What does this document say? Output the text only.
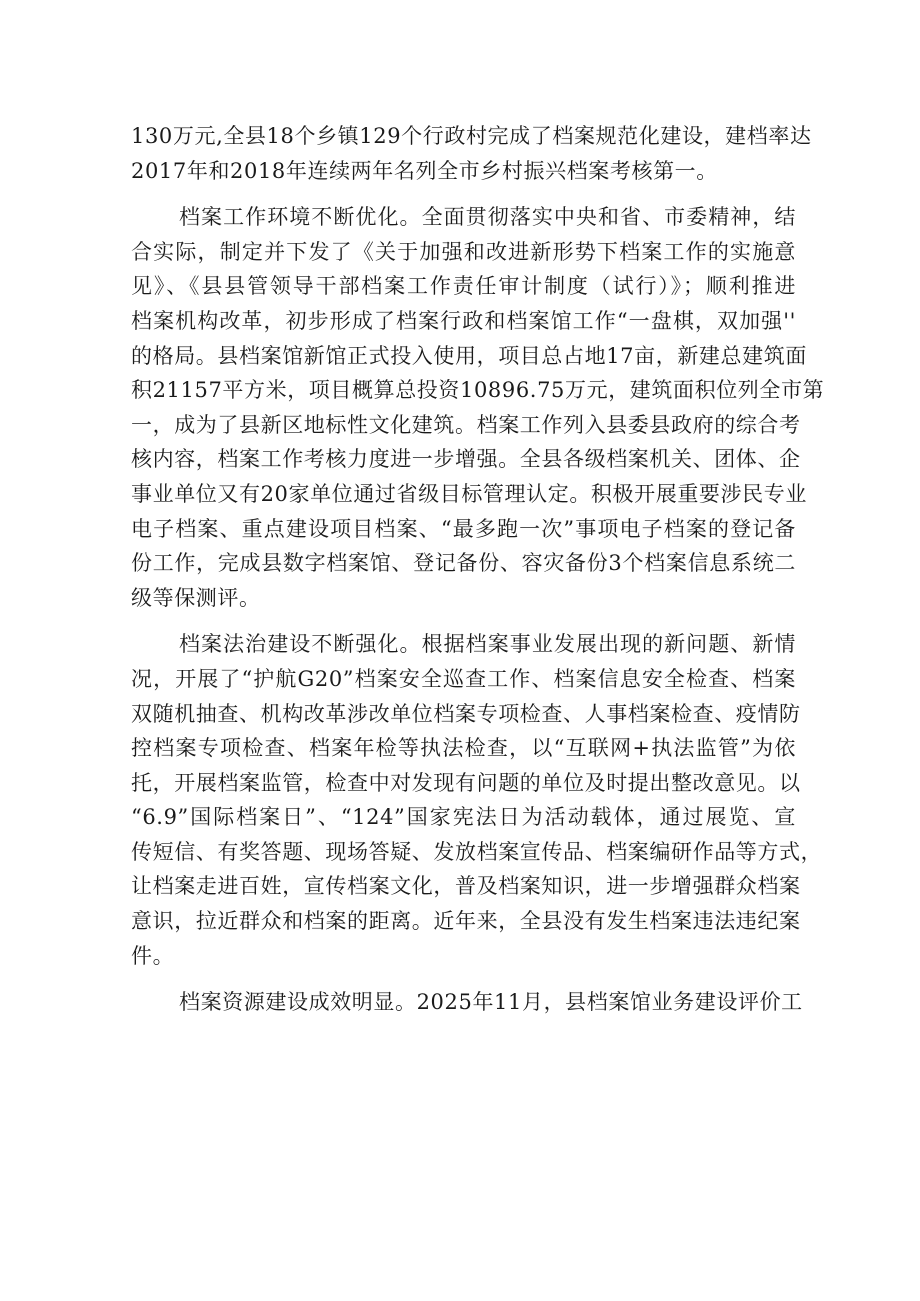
130万元,全县18个乡镇129个行政村完成了档案规范化建设，建档率达
2017年和2018年连续两年名列全市乡村振兴档案考核第一。
档案工作环境不断优化。全面贯彻落实中央和省、市委精神，结
合实际，制定并下发了《关于加强和改进新形势下档案工作的实施意
见》、《县县管领导干部档案工作责任审计制度（试行）》；顺利推进
档案机构改革，初步形成了档案行政和档案馆工作“一盘棋，双加强''
的格局。县档案馆新馆正式投入使用，项目总占地17亩，新建总建筑面
积21157平方米，项目概算总投资10896.75万元，建筑面积位列全市第
一，成为了县新区地标性文化建筑。档案工作列入县委县政府的综合考
核内容，档案工作考核力度进一步增强。全县各级档案机关、团体、企
事业单位又有20家单位通过省级目标管理认定。积极开展重要涉民专业
电子档案、重点建设项目档案、“最多跑一次”事项电子档案的登记备
份工作，完成县数字档案馆、登记备份、容灾备份3个档案信息系统二
级等保测评。
档案法治建设不断强化。根据档案事业发展出现的新问题、新情
况，开展了“护航G20”档案安全巡查工作、档案信息安全检查、档案
双随机抽查、机构改革涉改单位档案专项检查、人事档案检查、疫情防
控档案专项检查、档案年检等执法检查，以“互联网+执法监管”为依
托，开展档案监管，检查中对发现有问题的单位及时提出整改意见。以
“6.9”国际档案日”、“124”国家宪法日为活动载体，通过展览、宣
传短信、有奖答题、现场答疑、发放档案宣传品、档案编研作品等方式，
让档案走进百姓，宣传档案文化，普及档案知识，进一步增强群众档案
意识，拉近群众和档案的距离。近年来，全县没有发生档案违法违纪案
件。
档案资源建设成效明显。2025年11月，县档案馆业务建设评价工
